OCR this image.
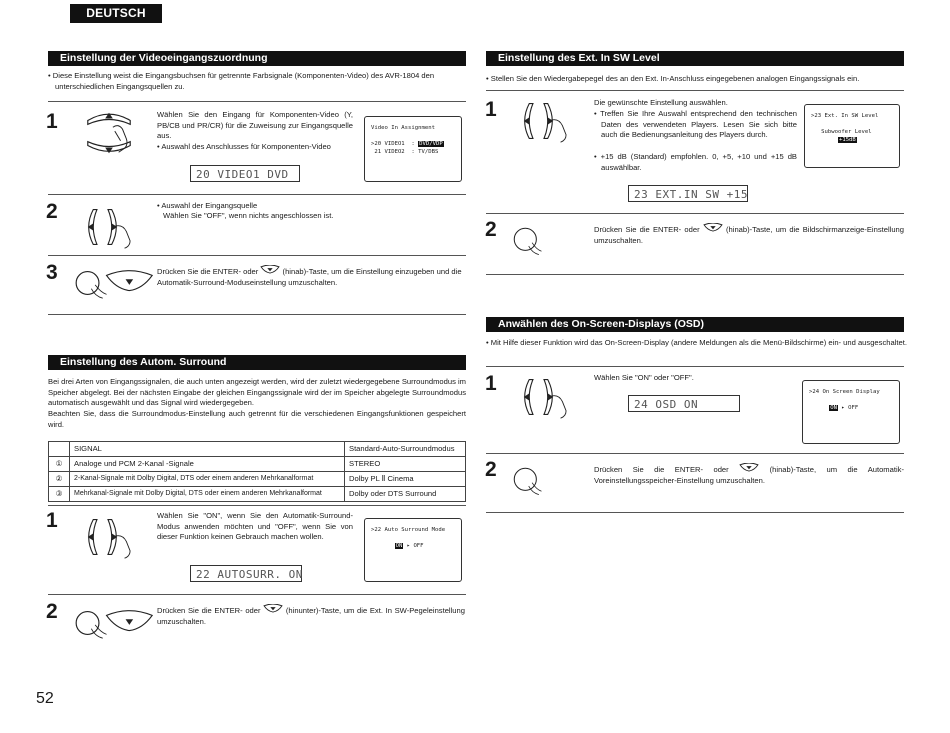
DEUTSCH
Einstellung der Videoeingangszuordnung
• Diese Einstellung weist die Eingangsbuchsen für getrennte Farbsignale (Komponenten-Video) des AVR-1804 den unterschiedlichen Eingangsquellen zu.
1	Wählen Sie den Eingang für Komponenten-Video (Y, PB/CB und PR/CR) für die Zuweisung zur Eingangsquelle aus.
• Auswahl des Anschlusses für Komponenten-Video
20 VIDEO1 DVD
Video In Assignment

>20 VIDEO1  : DVD/VDP
21 VIDEO2  : TV/DBS
2	• Auswahl der Eingangsquelle
Wählen Sie "OFF", wenn nichts angeschlossen ist.
3	Drücken Sie die ENTER- oder	(hinab)-Taste, um die Einstellung einzugeben und die Automatik-Surround-Moduseinstellung umzuschalten.
Einstellung des Autom. Surround
Bei drei Arten von Eingangssignalen, die auch unten angezeigt werden, wird der zuletzt wiedergegebene Surroundmodus im Speicher abgelegt. Bei der nächsten Eingabe der gleichen Eingangssignale wird der im Speicher abgelegte Surroundmodus automatisch ausgewählt und das Signal wird wiedergegeben.
Beachten Sie, dass die Surroundmodus-Einstellung auch getrennt für die verschiedenen Eingangsfunktionen gespeichert wird.
	SIGNAL	Standard-Auto-Surroundmodus
①	Analoge und PCM 2-Kanal -Signale	STEREO
②	2-Kanal-Signale mit Dolby Digital, DTS oder einem anderen Mehrkanalformat	Dolby PL Ⅱ Cinema
③	Mehrkanal-Signale mit Dolby Digital, DTS oder einem anderen Mehrkanalformat	Dolby oder DTS Surround
1	Wählen Sie "ON", wenn Sie den Automatik-Surround-Modus anwenden möchten und "OFF", wenn Sie von dieser Funktion keinen Gebrauch machen wollen.
22 AUTOSURR. ON
>22 Auto Surround Mode

ON ▸ OFF
2	Drücken Sie die ENTER- oder	(hinunter)-Taste, um die Ext. In SW-Pegeleinstellung umzuschalten.
52
Einstellung des Ext. In SW Level
• Stellen Sie den Wiedergabepegel des an den Ext. In-Anschluss eingegebenen analogen Eingangssignals ein.
1	Die gewünschte Einstellung auswählen.
• Treffen Sie Ihre Auswahl entsprechend den technischen Daten des verwendeten Players. Lesen Sie sich bitte auch die Bedienungsanleitung des Players durch.
• +15 dB (Standard) empfohlen. 0, +5, +10 und +15 dB auswählbar.
23 EXT.IN SW +15
>23 Ext. In SW Level

Subwoofer Level
+15dB
2	Drücken Sie die ENTER- oder	(hinab)-Taste, um die Bildschirmanzeige-Einstellung umzuschalten.
Anwählen des On-Screen-Displays (OSD)
• Mit Hilfe dieser Funktion wird das On-Screen-Display (andere Meldungen als die Menü-Bildschirme) ein- und ausgeschaltet.
1	Wählen Sie "ON" oder "OFF".
24 OSD ON
>24 On Screen Display

ON ▸ OFF
2	Drücken Sie die ENTER- oder	(hinab)-Taste, um die Automatik-Voreinstellungsspeicher-Einstellung umzuschalten.
